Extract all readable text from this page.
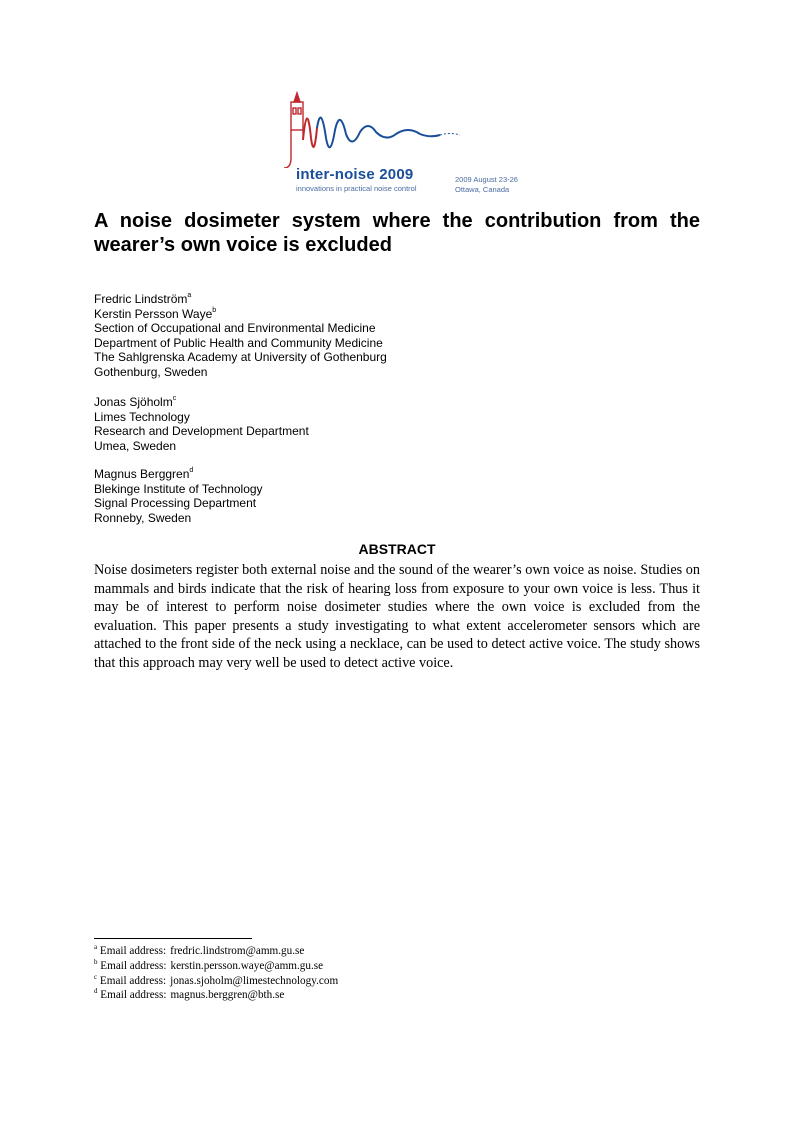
inter-noise 2009
innovations in practical noise control
2009 August 23-26
Ottawa, Canada
A noise dosimeter system where the contribution from the wearer’s own voice is excluded
Fredric Lindström$^a$
Kerstin Persson Waye$^b$
Section of Occupational and Environmental Medicine
Department of Public Health and Community Medicine
The Sahlgrenska Academy at University of Gothenburg
Gothenburg, Sweden
Jonas Sjöholm$^c$
Limes Technology
Research and Development Department
Umea, Sweden
Magnus Berggren$^d$
Blekinge Institute of Technology
Signal Processing Department
Ronneby, Sweden
ABSTRACT

Noise dosimeters register both external noise and the sound of the wearer’s own voice as noise. Studies on mammals and birds indicate that the risk of hearing loss from exposure to your own voice is less. Thus it may be of interest to perform noise dosimeter studies where the own voice is excluded from the evaluation. This paper presents a study investigating to what extent accelerometer sensors which are attached to the front side of the neck using a necklace, can be used to detect active voice. The study shows that this approach may very well be used to detect active voice.

$^a$ Email address: fredric.lindstrom@amm.gu.se
$^b$ Email address: kerstin.persson.waye@amm.gu.se
$^c$ Email address: jonas.sjoholm@limestechnology.com
$^d$ Email address: magnus.berggren@bth.se
